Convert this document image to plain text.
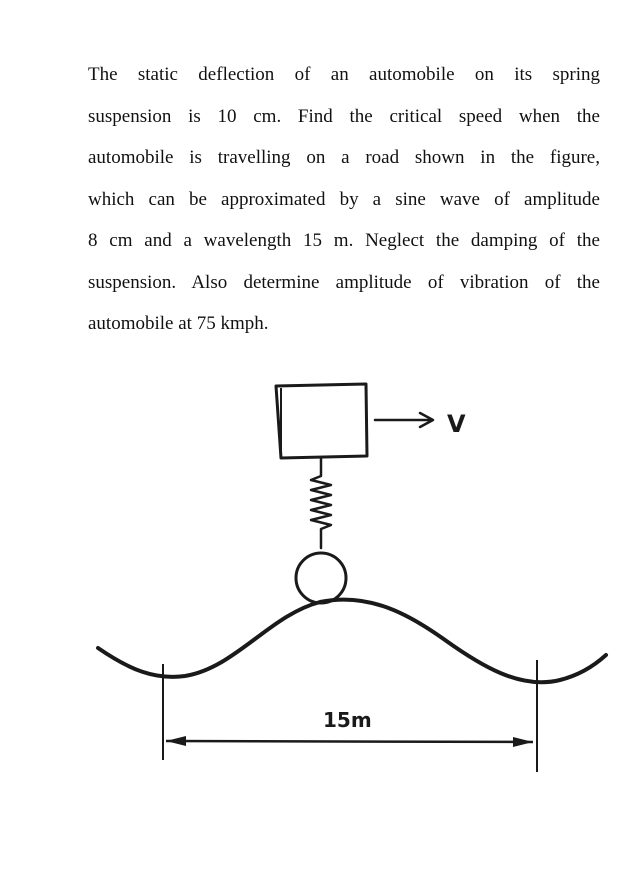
The static deflection of an automobile on its spring
suspension is 10 cm. Find the critical speed when the
automobile is travelling on a road shown in the figure,
which can be approximated by a sine wave of amplitude
8 cm and a wavelength 15 m. Neglect the damping of the
suspension. Also determine amplitude of vibration of the
automobile at 75 kmph.
V
15m
